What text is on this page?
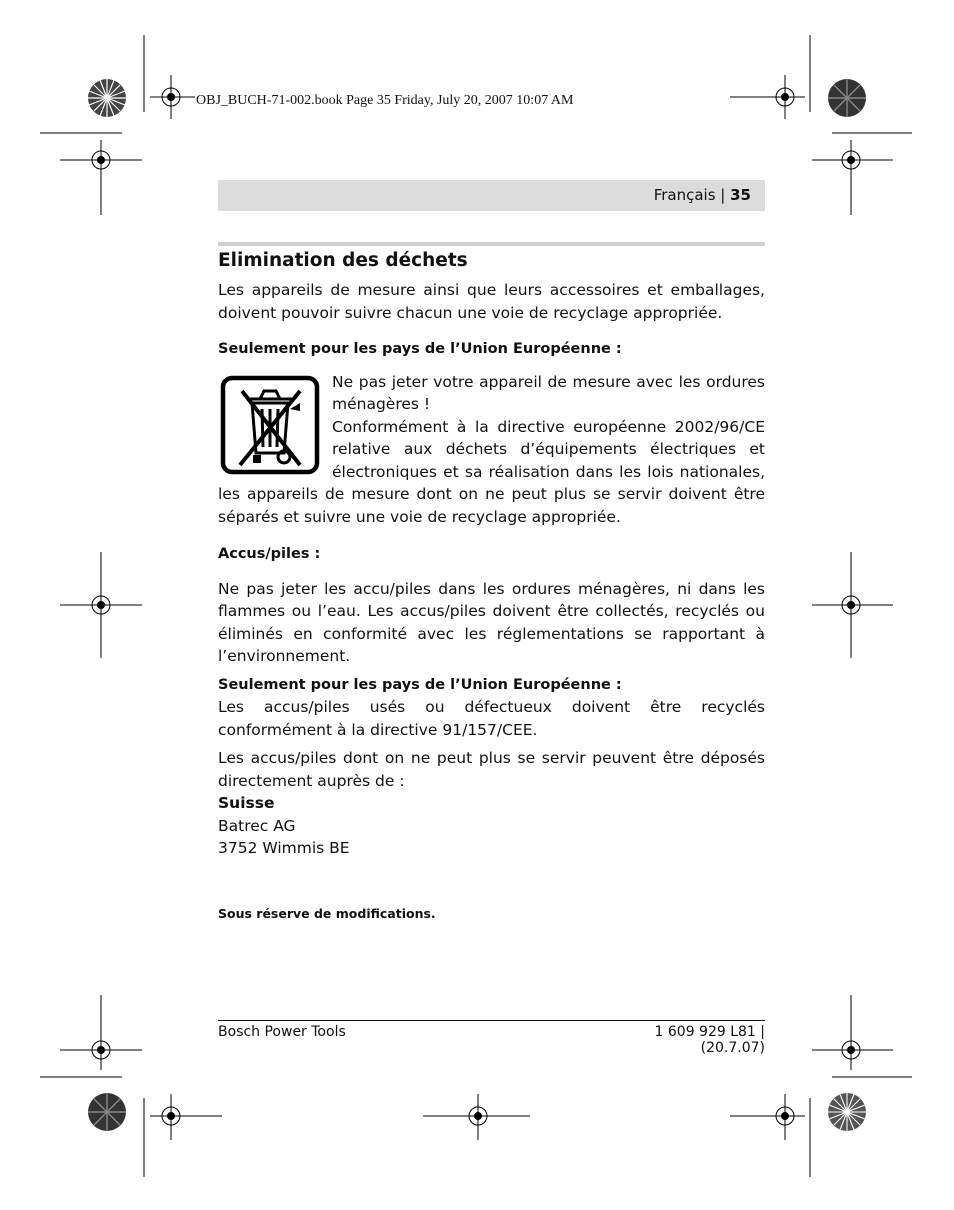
OBJ_BUCH-71-002.book Page 35 Friday, July 20, 2007 10:07 AM
Français | 35
Elimination des déchets

Les appareils de mesure ainsi que leurs accessoires et emballages, doivent pouvoir suivre chacun une voie de recyclage appropriée.

Seulement pour les pays de l’Union Européenne :

Ne pas jeter votre appareil de mesure avec les ordures ménagères !

Conformément à la directive européenne 2002/96/CE relative aux déchets d’équipements électriques et électroniques et sa réalisation dans les lois nationales, les appareils de mesure dont on ne peut plus se servir doivent être séparés et suivre une voie de recyclage appropriée.

Accus/piles :

Ne pas jeter les accu/piles dans les ordures ménagères, ni dans les flammes ou l’eau. Les accus/piles doivent être collectés, recyclés ou éliminés en conformité avec les réglementations se rapportant à l’environnement.

Seulement pour les pays de l’Union Européenne :

Les accus/piles usés ou défectueux doivent être recyclés conformément à la directive 91/157/CEE.

Les accus/piles dont on ne peut plus se servir peuvent être déposés directement auprès de :

Suisse

Batrec AG

3752 Wimmis BE

Sous réserve de modifications.
Bosch Power Tools	1 609 929 L81 | (20.7.07)
